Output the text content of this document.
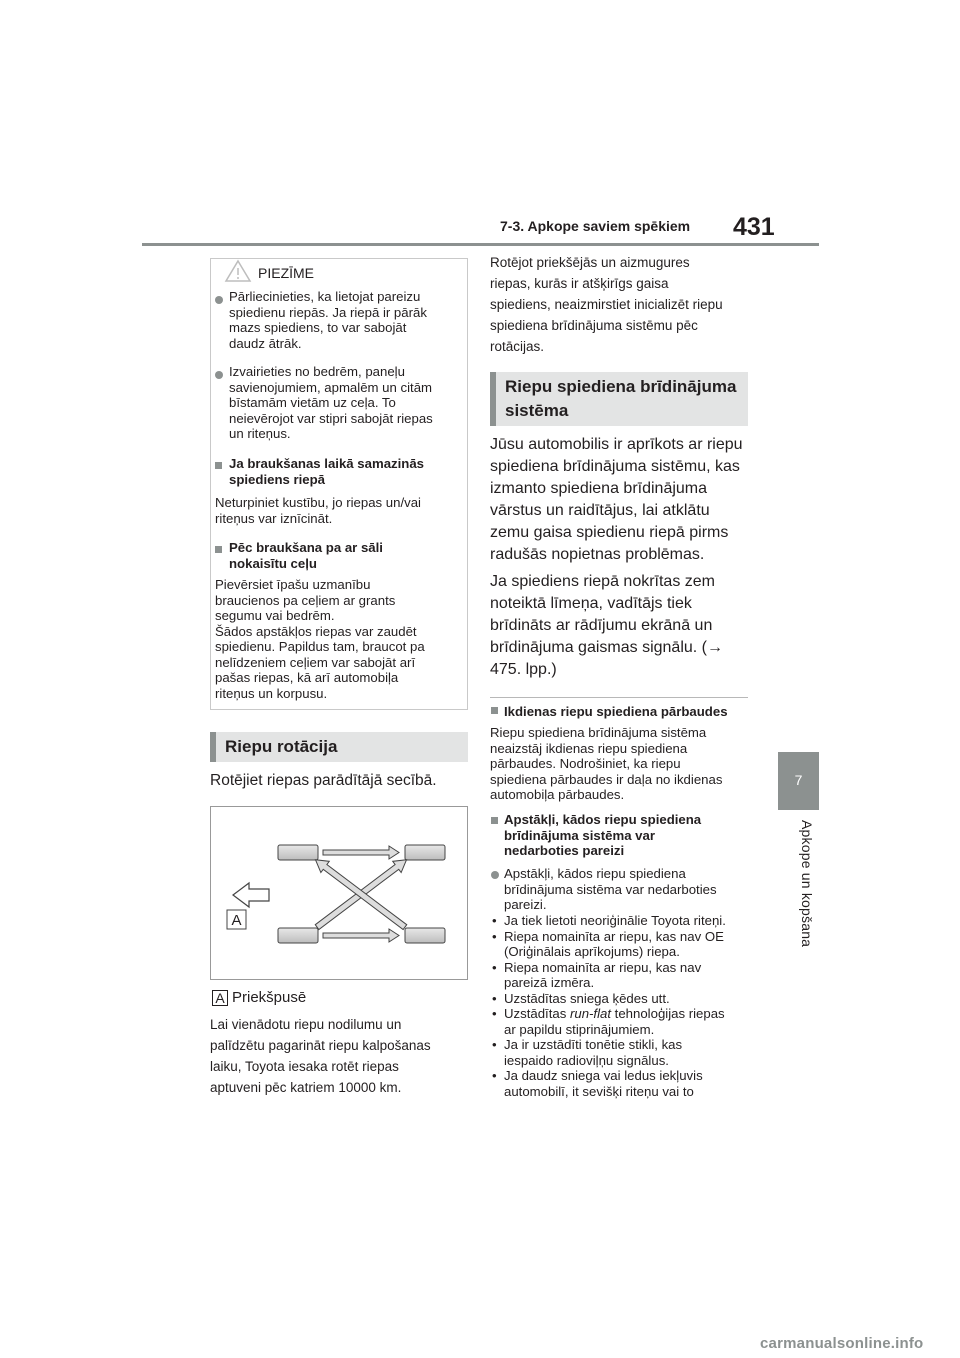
7-3. Apkope saviem spēkiem 431
7
Apkope un kopšana
PIEZĪME
Pārliecinieties, ka lietojat pareizu
spiedienu riepās. Ja riepā ir pārāk
mazs spiediens, to var sabojāt
daudz ātrāk.
Izvairieties no bedrēm, paneļu
savienojumiem, apmalēm un citām
bīstamām vietām uz ceļa. To
neievērojot var stipri sabojāt riepas
un riteņus.
Ja braukšanas laikā samazinās
spiediens riepā
Neturpiniet kustību, jo riepas un/vai
riteņus var iznīcināt.
Pēc braukšana pa ar sāli
nokaisītu ceļu
Pievērsiet īpašu uzmanību
braucienos pa ceļiem ar grants
segumu vai bedrēm.
Šādos apstākļos riepas var zaudēt
spiedienu. Papildus tam, braucot pa
nelīdzeniem ceļiem var sabojāt arī
pašas riepas, kā arī automobiļa
riteņus un korpusu.
Riepu rotācija
Rotējiet riepas parādītājā secībā.
A
A Priekšpusē
Lai vienādotu riepu nodilumu un
palīdzētu pagarināt riepu kalpošanas
laiku, Toyota iesaka rotēt riepas
aptuveni pēc katriem 10000 km.
Rotējot priekšējās un aizmugures
riepas, kurās ir atšķirīgs gaisa
spiediens, neaizmirstiet inicializēt riepu
spiediena brīdinājuma sistēmu pēc
rotācijas.
Riepu spiediena brīdinājuma
sistēma
Jūsu automobilis ir aprīkots ar riepu
spiediena brīdinājuma sistēmu, kas
izmanto spiediena brīdinājuma
vārstus un raidītājus, lai atklātu
zemu gaisa spiedienu riepā pirms
radušās nopietnas problēmas.
Ja spiediens riepā nokrītas zem
noteiktā līmeņa, vadītājs tiek
brīdināts ar rādījumu ekrānā un
brīdinājuma gaismas signālu. (→
475. lpp.)
Ikdienas riepu spiediena pārbaudes
Riepu spiediena brīdinājuma sistēma
neaizstāj ikdienas riepu spiediena
pārbaudes. Nodrošiniet, ka riepu
spiediena pārbaudes ir daļa no ikdienas
automobiļa pārbaudes.
Apstākļi, kādos riepu spiediena
brīdinājuma sistēma var
nedarboties pareizi
Apstākļi, kādos riepu spiediena
brīdinājuma sistēma var nedarboties
pareizi.
• Ja tiek lietoti neoriģinālie Toyota riteņi.
• Riepa nomainīta ar riepu, kas nav OE
(Oriģinālais aprīkojums) riepa.
• Riepa nomainīta ar riepu, kas nav
pareizā izmēra.
• Uzstādītas sniega ķēdes utt.
• Uzstādītas run-flat tehnoloģijas riepas
ar papildu stiprinājumiem.
• Ja ir uzstādīti tonētie stikli, kas
iespaido radioviļņu signālus.
• Ja daudz sniega vai ledus iekļuvis
automobilī, it sevišķi riteņu vai to
carmanualsonline.info
